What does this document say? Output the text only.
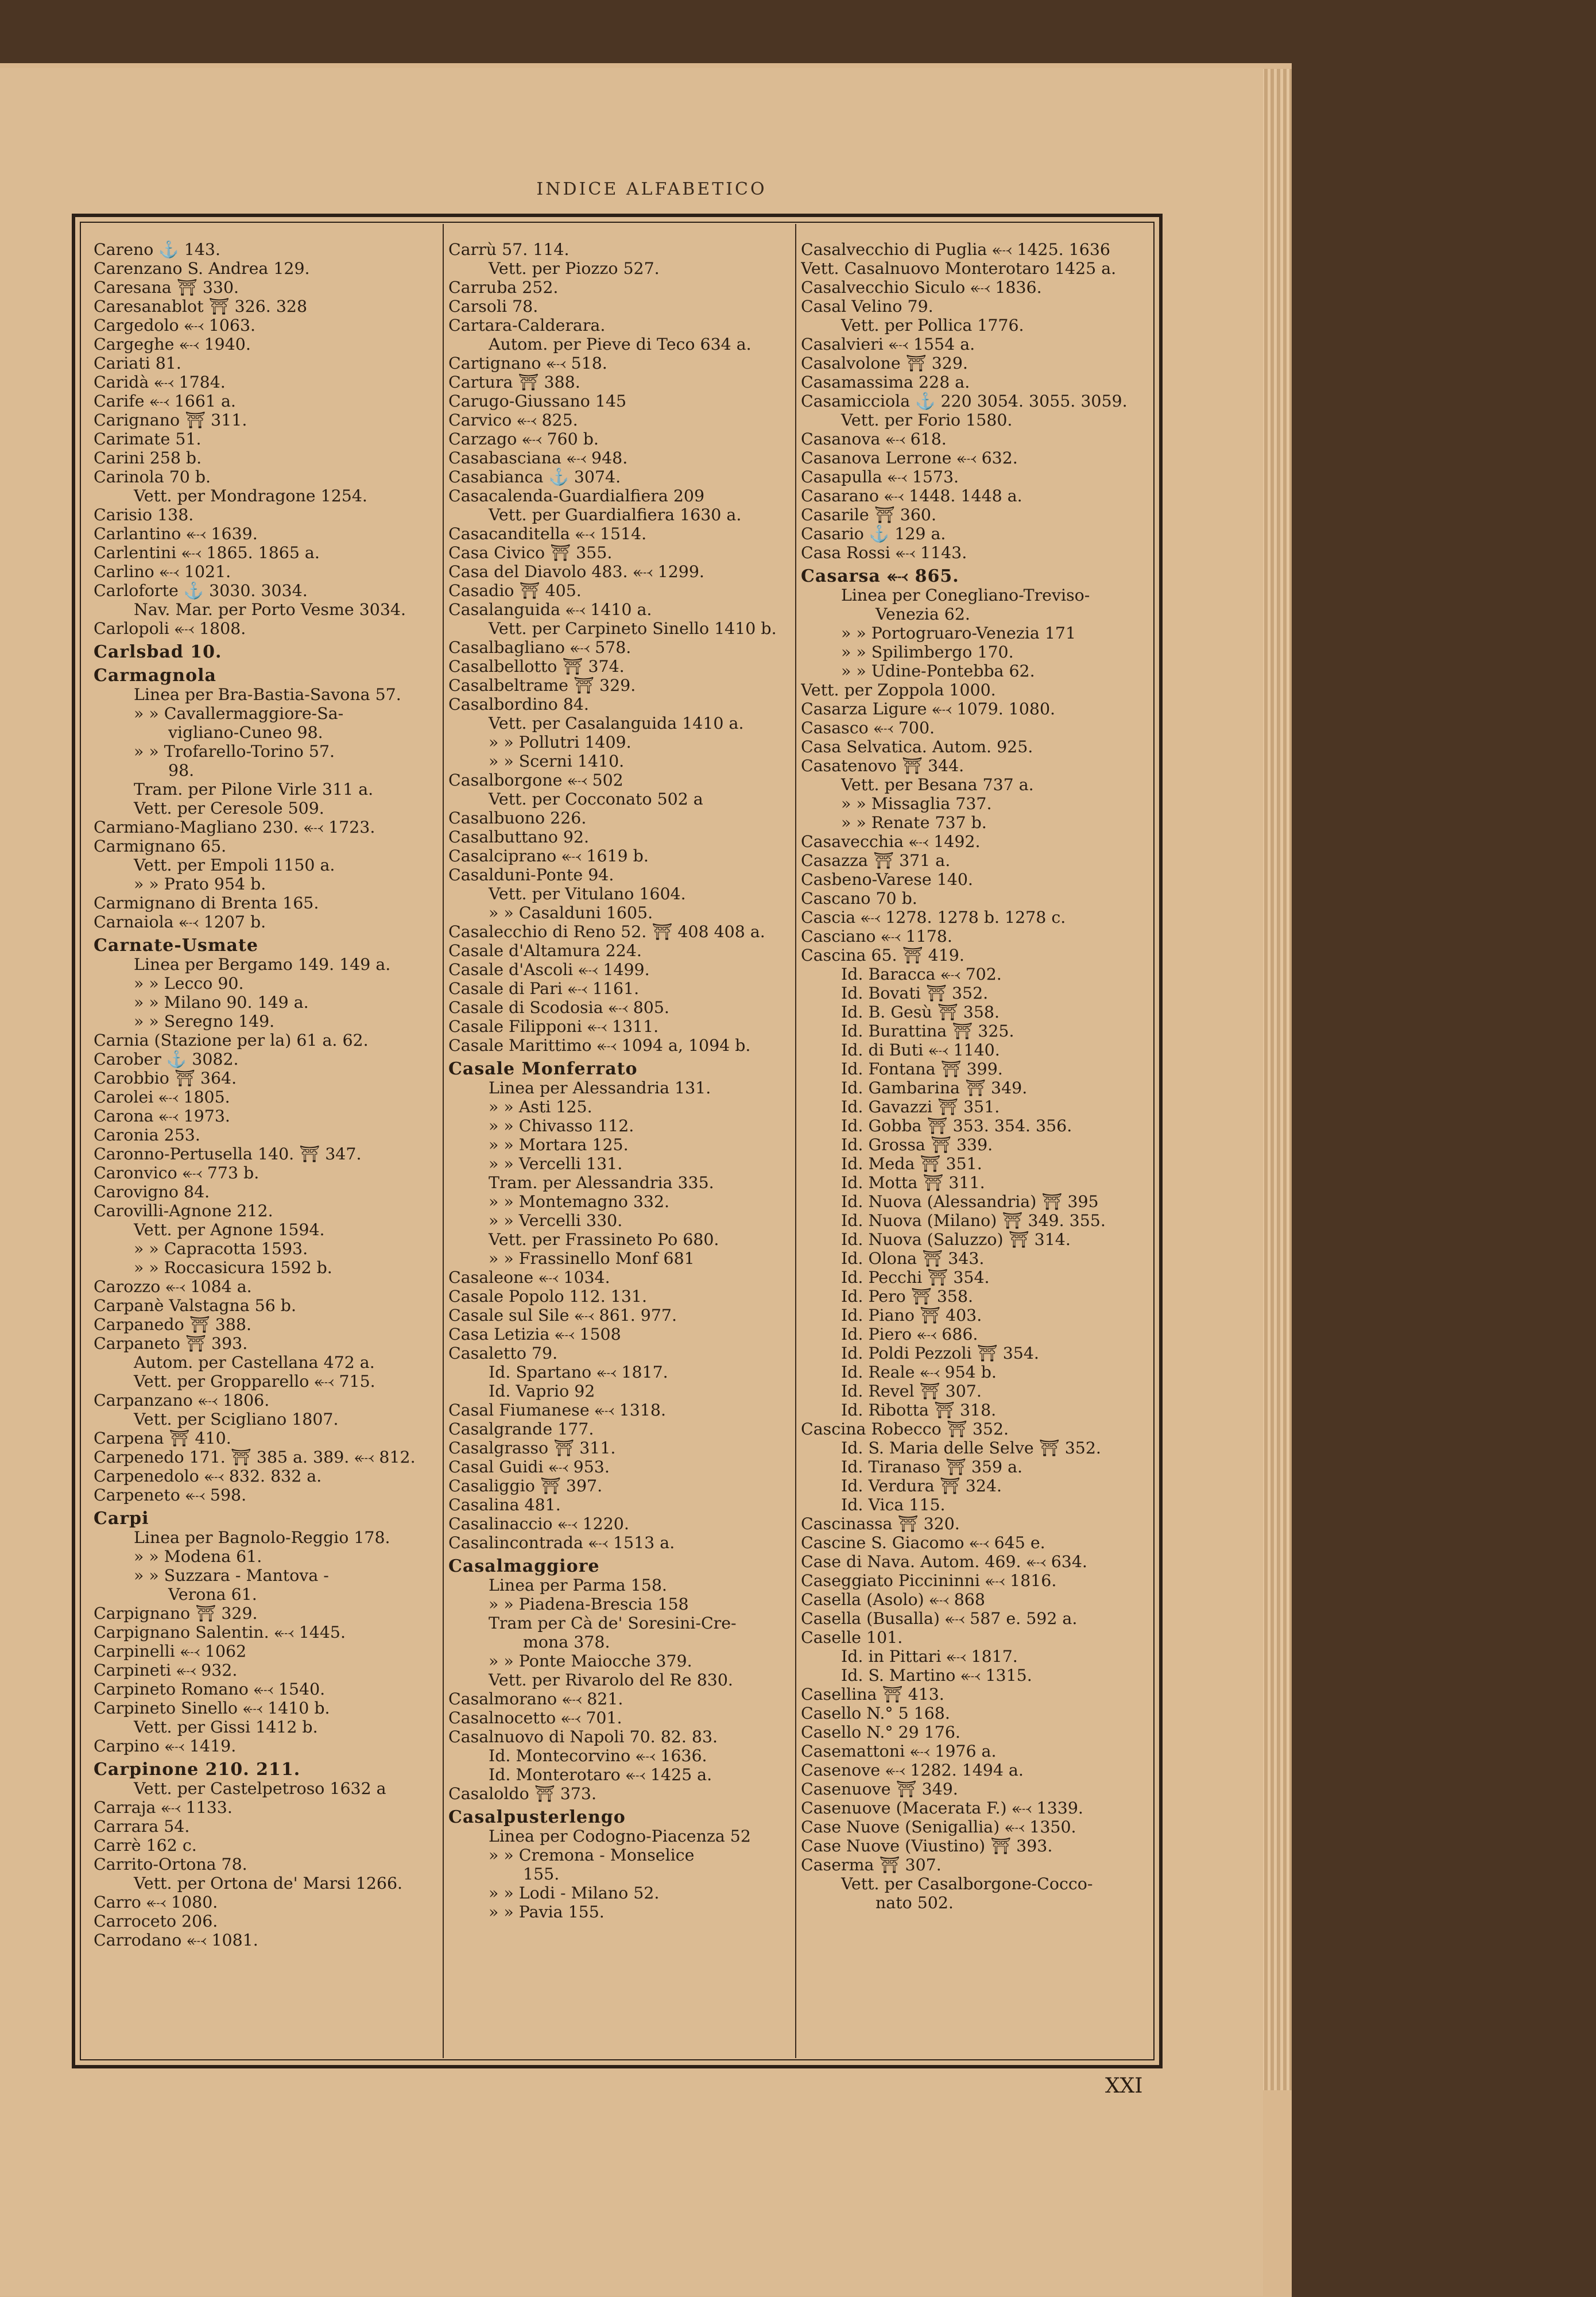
INDICE ALFABETICO
Careno ⚓ 143.
Carenzano S. Andrea 129.
Caresana ⛩ 330.
Caresanablot ⛩ 326. 328
Cargedolo ⬷ 1063.
Cargeghe ⬷ 1940.
Cariati 81.
Caridà ⬷ 1784.
Carife ⬷ 1661 a.
Carignano ⛩ 311.
Carimate 51.
Carini 258 b.
Carinola 70 b.
Vett. per Mondragone 1254.
Carisio 138.
Carlantino ⬷ 1639.
Carlentini ⬷ 1865. 1865 a.
Carlino ⬷ 1021.
Carloforte ⚓ 3030. 3034.
Nav. Mar. per Porto Vesme 3034.
Carlopoli ⬷ 1808.
Carlsbad 10.
Carmagnola
Linea per Bra-Bastia-Savona 57.
» » Cavallermaggiore-Sa-
vigliano-Cuneo 98.
» » Trofarello-Torino 57.
98.
Tram. per Pilone Virle 311 a.
Vett. per Ceresole 509.
Carmiano-Magliano 230. ⬷ 1723.
Carmignano 65.
Vett. per Empoli 1150 a.
» » Prato 954 b.
Carmignano di Brenta 165.
Carnaiola ⬷ 1207 b.
Carnate-Usmate
Linea per Bergamo 149. 149 a.
» » Lecco 90.
» » Milano 90. 149 a.
» » Seregno 149.
Carnia (Stazione per la) 61 a. 62.
Carober ⚓ 3082.
Carobbio ⛩ 364.
Carolei ⬷ 1805.
Carona ⬷ 1973.
Caronia 253.
Caronno-Pertusella 140. ⛩ 347.
Caronvico ⬷ 773 b.
Carovigno 84.
Carovilli-Agnone 212.
Vett. per Agnone 1594.
» » Capracotta 1593.
» » Roccasicura 1592 b.
Carozzo ⬷ 1084 a.
Carpanè Valstagna 56 b.
Carpanedo ⛩ 388.
Carpaneto ⛩ 393.
Autom. per Castellana 472 a.
Vett. per Gropparello ⬷ 715.
Carpanzano ⬷ 1806.
Vett. per Scigliano 1807.
Carpena ⛩ 410.
Carpenedo 171. ⛩ 385 a. 389. ⬷ 812.
Carpenedolo ⬷ 832. 832 a.
Carpeneto ⬷ 598.
Carpi
Linea per Bagnolo-Reggio 178.
» » Modena 61.
» » Suzzara - Mantova -
Verona 61.
Carpignano ⛩ 329.
Carpignano Salentin. ⬷ 1445.
Carpinelli ⬷ 1062
Carpineti ⬷ 932.
Carpineto Romano ⬷ 1540.
Carpineto Sinello ⬷ 1410 b.
Vett. per Gissi 1412 b.
Carpino ⬷ 1419.
Carpinone 210. 211.
Vett. per Castelpetroso 1632 a
Carraja ⬷ 1133.
Carrara 54.
Carrè 162 c.
Carrito-Ortona 78.
Vett. per Ortona de' Marsi 1266.
Carro ⬷ 1080.
Carroceto 206.
Carrodano ⬷ 1081.
Carrù 57. 114.
Vett. per Piozzo 527.
Carruba 252.
Carsoli 78.
Cartara-Calderara.
Autom. per Pieve di Teco 634 a.
Cartignano ⬷ 518.
Cartura ⛩ 388.
Carugo-Giussano 145
Carvico ⬷ 825.
Carzago ⬷ 760 b.
Casabasciana ⬷ 948.
Casabianca ⚓ 3074.
Casacalenda-Guardialfiera 209
Vett. per Guardialfiera 1630 a.
Casacanditella ⬷ 1514.
Casa Civico ⛩ 355.
Casa del Diavolo 483. ⬷ 1299.
Casadio ⛩ 405.
Casalanguida ⬷ 1410 a.
Vett. per Carpineto Sinello 1410 b.
Casalbagliano ⬷ 578.
Casalbellotto ⛩ 374.
Casalbeltrame ⛩ 329.
Casalbordino 84.
Vett. per Casalanguida 1410 a.
» » Pollutri 1409.
» » Scerni 1410.
Casalborgone ⬷ 502
Vett. per Cocconato 502 a
Casalbuono 226.
Casalbuttano 92.
Casalciprano ⬷ 1619 b.
Casalduni-Ponte 94.
Vett. per Vitulano 1604.
» » Casalduni 1605.
Casalecchio di Reno 52. ⛩ 408 408 a.
Casale d'Altamura 224.
Casale d'Ascoli ⬷ 1499.
Casale di Pari ⬷ 1161.
Casale di Scodosia ⬷ 805.
Casale Filipponi ⬷ 1311.
Casale Marittimo ⬷ 1094 a, 1094 b.
Casale Monferrato
Linea per Alessandria 131.
» » Asti 125.
» » Chivasso 112.
» » Mortara 125.
» » Vercelli 131.
Tram. per Alessandria 335.
» » Montemagno 332.
» » Vercelli 330.
Vett. per Frassineto Po 680.
» » Frassinello Monf 681
Casaleone ⬷ 1034.
Casale Popolo 112. 131.
Casale sul Sile ⬷ 861. 977.
Casa Letizia ⬷ 1508
Casaletto 79.
Id. Spartano ⬷ 1817.
Id. Vaprio 92
Casal Fiumanese ⬷ 1318.
Casalgrande 177.
Casalgrasso ⛩ 311.
Casal Guidi ⬷ 953.
Casaliggio ⛩ 397.
Casalina 481.
Casalinaccio ⬷ 1220.
Casalincontrada ⬷ 1513 a.
Casalmaggiore
Linea per Parma 158.
» » Piadena-Brescia 158
Tram per Cà de' Soresini-Cre-
mona 378.
» » Ponte Maiocche 379.
Vett. per Rivarolo del Re 830.
Casalmorano ⬷ 821.
Casalnocetto ⬷ 701.
Casalnuovo di Napoli 70. 82. 83.
Id. Montecorvino ⬷ 1636.
Id. Monterotaro ⬷ 1425 a.
Casaloldo ⛩ 373.
Casalpusterlengo
Linea per Codogno-Piacenza 52
» » Cremona - Monselice
155.
» » Lodi - Milano 52.
» » Pavia 155.
Casalvecchio di Puglia ⬷ 1425. 1636
Vett. Casalnuovo Monterotaro 1425 a.
Casalvecchio Siculo ⬷ 1836.
Casal Velino 79.
Vett. per Pollica 1776.
Casalvieri ⬷ 1554 a.
Casalvolone ⛩ 329.
Casamassima 228 a.
Casamicciola ⚓ 220 3054. 3055. 3059.
Vett. per Forio 1580.
Casanova ⬷ 618.
Casanova Lerrone ⬷ 632.
Casapulla ⬷ 1573.
Casarano ⬷ 1448. 1448 a.
Casarile ⛩ 360.
Casario ⚓ 129 a.
Casa Rossi ⬷ 1143.
Casarsa ⬷ 865.
Linea per Conegliano-Treviso-
Venezia 62.
» » Portogruaro-Venezia 171
» » Spilimbergo 170.
» » Udine-Pontebba 62.
Vett. per Zoppola 1000.
Casarza Ligure ⬷ 1079. 1080.
Casasco ⬷ 700.
Casa Selvatica. Autom. 925.
Casatenovo ⛩ 344.
Vett. per Besana 737 a.
» » Missaglia 737.
» » Renate 737 b.
Casavecchia ⬷ 1492.
Casazza ⛩ 371 a.
Casbeno-Varese 140.
Cascano 70 b.
Cascia ⬷ 1278. 1278 b. 1278 c.
Casciano ⬷ 1178.
Cascina 65. ⛩ 419.
Id. Baracca ⬷ 702.
Id. Bovati ⛩ 352.
Id. B. Gesù ⛩ 358.
Id. Burattina ⛩ 325.
Id. di Buti ⬷ 1140.
Id. Fontana ⛩ 399.
Id. Gambarina ⛩ 349.
Id. Gavazzi ⛩ 351.
Id. Gobba ⛩ 353. 354. 356.
Id. Grossa ⛩ 339.
Id. Meda ⛩ 351.
Id. Motta ⛩ 311.
Id. Nuova (Alessandria) ⛩ 395
Id. Nuova (Milano) ⛩ 349. 355.
Id. Nuova (Saluzzo) ⛩ 314.
Id. Olona ⛩ 343.
Id. Pecchi ⛩ 354.
Id. Pero ⛩ 358.
Id. Piano ⛩ 403.
Id. Piero ⬷ 686.
Id. Poldi Pezzoli ⛩ 354.
Id. Reale ⬷ 954 b.
Id. Revel ⛩ 307.
Id. Ribotta ⛩ 318.
Cascina Robecco ⛩ 352.
Id. S. Maria delle Selve ⛩ 352.
Id. Tiranaso ⛩ 359 a.
Id. Verdura ⛩ 324.
Id. Vica 115.
Cascinassa ⛩ 320.
Cascine S. Giacomo ⬷ 645 e.
Case di Nava. Autom. 469. ⬷ 634.
Caseggiato Piccininni ⬷ 1816.
Casella (Asolo) ⬷ 868
Casella (Busalla) ⬷ 587 e. 592 a.
Caselle 101.
Id. in Pittari ⬷ 1817.
Id. S. Martino ⬷ 1315.
Casellina ⛩ 413.
Casello N.° 5 168.
Casello N.° 29 176.
Casemattoni ⬷ 1976 a.
Casenove ⬷ 1282. 1494 a.
Casenuove ⛩ 349.
Casenuove (Macerata F.) ⬷ 1339.
Case Nuove (Senigallia) ⬷ 1350.
Case Nuove (Viustino) ⛩ 393.
Caserma ⛩ 307.
Vett. per Casalborgone-Cocco-
nato 502.
XXI
